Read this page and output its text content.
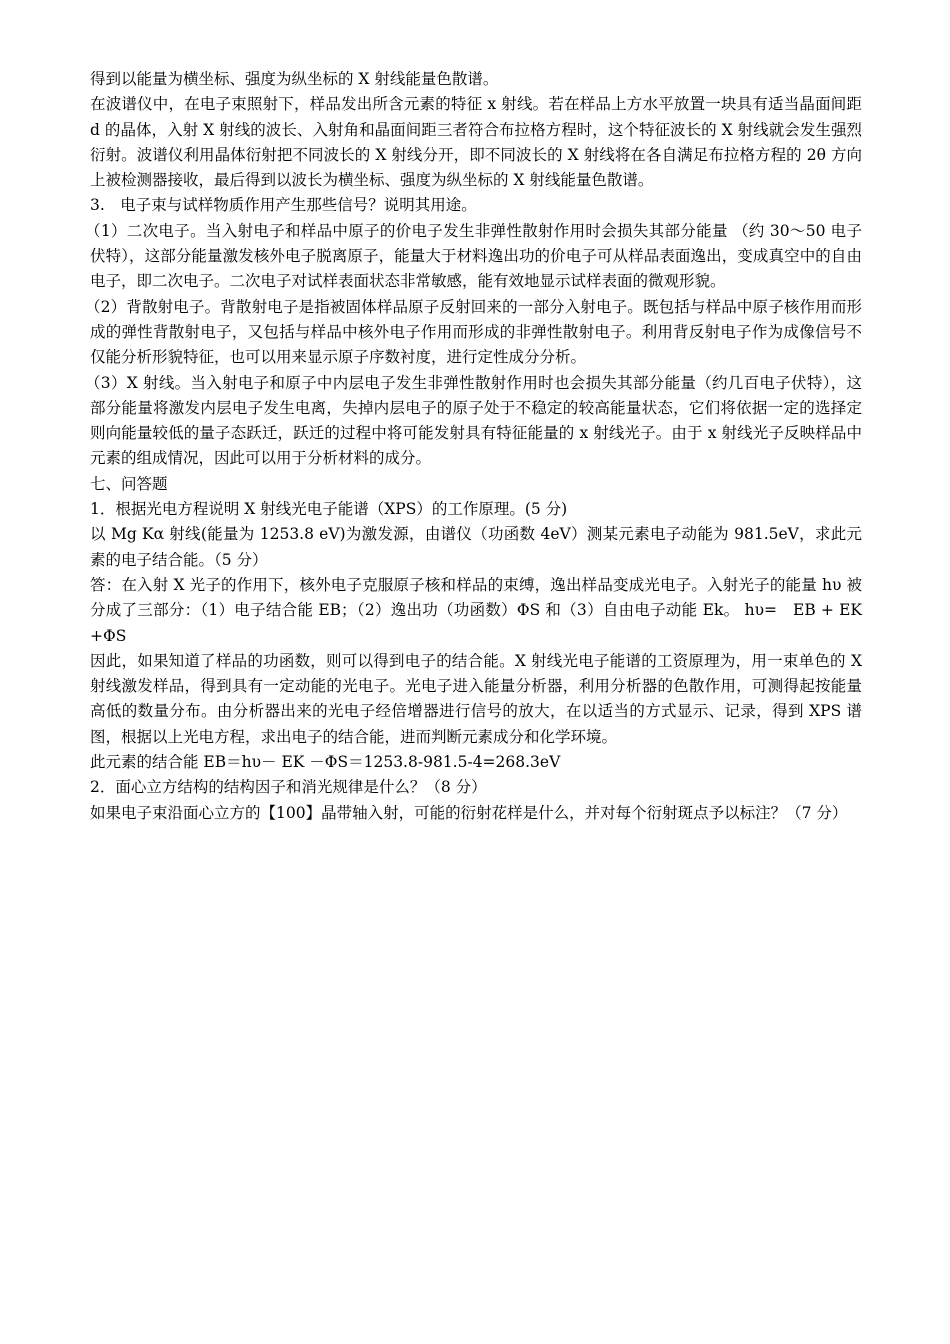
得到以能量为横坐标、强度为纵坐标的 X 射线能量色散谱。

在波谱仪中，在电子束照射下，样品发出所含元素的特征 x 射线。若在样品上方水平放置一块具有适当晶面间距 d 的晶体，入射 X 射线的波长、入射角和晶面间距三者符合布拉格方程时，这个特征波长的 X 射线就会发生强烈衍射。波谱仪利用晶体衍射把不同波长的 X 射线分开，即不同波长的 X 射线将在各自满足布拉格方程的 2θ 方向上被检测器接收，最后得到以波长为横坐标、强度为纵坐标的 X 射线能量色散谱。

3.　电子束与试样物质作用产生那些信号？说明其用途。

（1）二次电子。当入射电子和样品中原子的价电子发生非弹性散射作用时会损失其部分能量 （约 30～50 电子伏特），这部分能量激发核外电子脱离原子，能量大于材料逸出功的价电子可从样品表面逸出，变成真空中的自由电子，即二次电子。二次电子对试样表面状态非常敏感，能有效地显示试样表面的微观形貌。

（2）背散射电子。背散射电子是指被固体样品原子反射回来的一部分入射电子。既包括与样品中原子核作用而形成的弹性背散射电子，又包括与样品中核外电子作用而形成的非弹性散射电子。利用背反射电子作为成像信号不仅能分析形貌特征，也可以用来显示原子序数衬度，进行定性成分分析。

（3）X 射线。当入射电子和原子中内层电子发生非弹性散射作用时也会损失其部分能量（约几百电子伏特），这部分能量将激发内层电子发生电离，失掉内层电子的原子处于不稳定的较高能量状态，它们将依据一定的选择定则向能量较低的量子态跃迁，跃迁的过程中将可能发射具有特征能量的 x 射线光子。由于 x 射线光子反映样品中元素的组成情况，因此可以用于分析材料的成分。

七、问答题

1．根据光电方程说明 X 射线光电子能谱（XPS）的工作原理。(5 分)

以 Mg Kα 射线(能量为 1253.8 eV)为激发源，由谱仪（功函数 4eV）测某元素电子动能为 981.5eV，求此元素的电子结合能。（5 分）

答：在入射 X 光子的作用下，核外电子克服原子核和样品的束缚，逸出样品变成光电子。入射光子的能量 hυ 被分成了三部分：（1）电子结合能 EB；（2）逸出功（功函数）ΦS 和（3）自由电子动能 Ek。 hυ=　EB + EK +ΦS

因此，如果知道了样品的功函数，则可以得到电子的结合能。X 射线光电子能谱的工资原理为，用一束单色的 X 射线激发样品，得到具有一定动能的光电子。光电子进入能量分析器，利用分析器的色散作用，可测得起按能量高低的数量分布。由分析器出来的光电子经倍增器进行信号的放大，在以适当的方式显示、记录，得到 XPS 谱图，根据以上光电方程，求出电子的结合能，进而判断元素成分和化学环境。

此元素的结合能 EB＝hυ－ EK －ΦS＝1253.8-981.5-4=268.3eV

2．面心立方结构的结构因子和消光规律是什么？（8 分）

如果电子束沿面心立方的【100】晶带轴入射，可能的衍射花样是什么，并对每个衍射斑点予以标注？（7 分）
